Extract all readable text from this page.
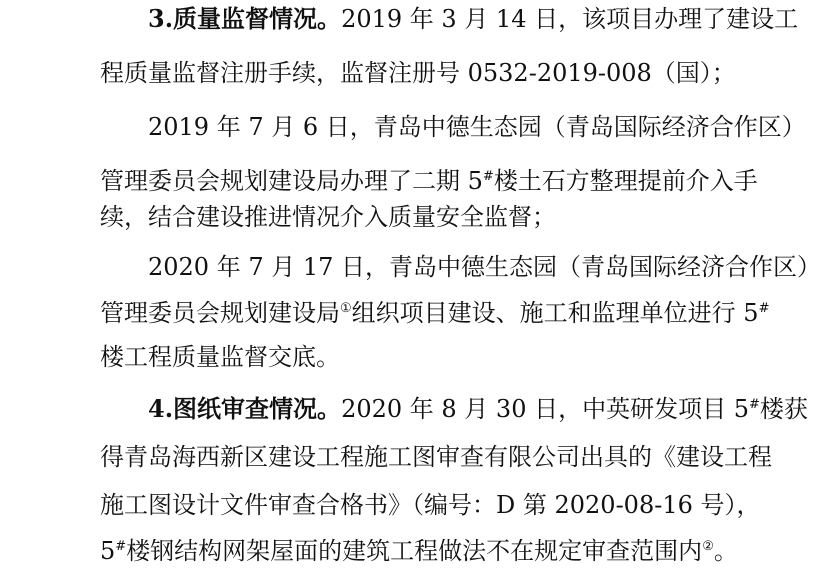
3.质量监督情况。2019 年 3 月 14 日，该项目办理了建设工
程质量监督注册手续，监督注册号 0532-2019-008（国）；
2019 年 7 月 6 日，青岛中德生态园（青岛国际经济合作区）
管理委员会规划建设局办理了二期 5#楼土石方整理提前介入手
续，结合建设推进情况介入质量安全监督；
2020 年 7 月 17 日，青岛中德生态园（青岛国际经济合作区）
管理委员会规划建设局①组织项目建设、施工和监理单位进行 5#
楼工程质量监督交底。
4.图纸审查情况。2020 年 8 月 30 日，中英研发项目 5#楼获
得青岛海西新区建设工程施工图审查有限公司出具的《建设工程
施工图设计文件审查合格书》（编号：D 第 2020-08-16 号），
5#楼钢结构网架屋面的建筑工程做法不在规定审查范围内②。
